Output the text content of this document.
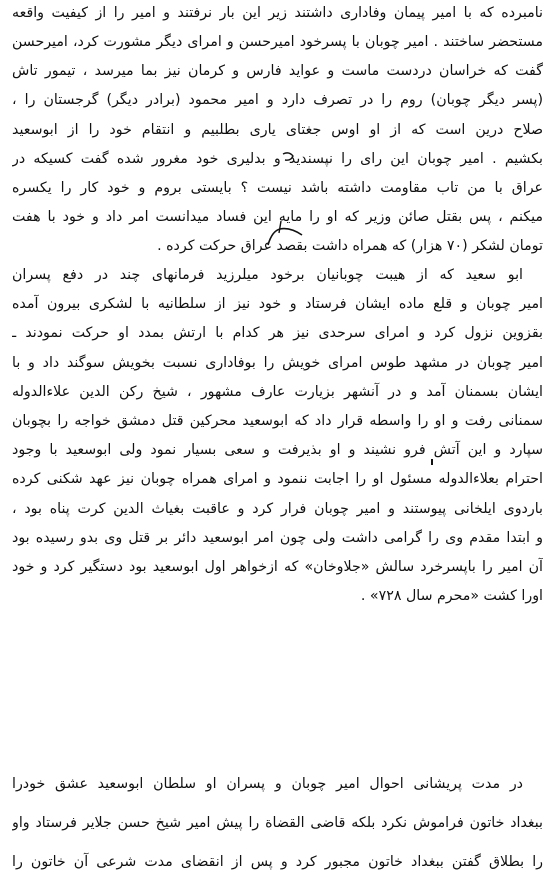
نامبرده که با امیر پیمان وفاداری داشتند زیر این بار نرفتند و امیر را از کیفیت واقعه
مستحضر ساختند . امیر چوبان با پسرخود امیرحسن و امرای دیگر مشورت کرد، امیرحسن
گفت که خراسان دردست ماست و عواید فارس و کرمان نیز بما میرسد ، تیمور تاش
(پسر دیگر چوبان) روم را در تصرف دارد و امیر محمود (برادر دیگر) گرجستان را ،
صلاح درین است که از او اوس جغتای یاری بطلبیم و انتقام خود را از ابوسعید
بکشیم . امیر چوبان این رای را نپسندید و بدلیری خود مغرور شده گفت کسیکه در
عراق با من تاب مقاومت داشته باشد نیست ؟ بایستی بروم و خود کار را یکسره
میکنم ، پس بقتل صائن وزیر که او را مایه این فساد میدانست امر داد و خود با هفت
تومان لشکر (۷۰ هزار) که همراه داشت بقصد عراق حرکت کرده .
ابو سعید که از هیبت چوبانیان برخود میلرزید فرمانهای چند در دفع پسران
امیر چوبان و قلع ماده ایشان فرستاد و خود نیز از سلطانیه با لشکری بیرون آمده
بقزوین نزول کرد و امرای سرحدی نیز هر کدام با ارتش بمدد او حرکت نمودند ـ
امیر چوبان در مشهد طوس امرای خویش را بوفاداری نسبت بخویش سوگند داد و با
ایشان بسمنان آمد و در آنشهر بزیارت عارف مشهور ، شیخ رکن الدین علاءالدوله
سمنانی رفت و او را واسطه قرار داد که ابوسعید محرکین قتل دمشق خواجه را بچوبان
سپارد و این آتش فرو نشیند و او بذیرفت و سعی بسیار نمود ولی ابوسعید با وجود
احترام بعلاءالدوله مسئول او را اجابت ننمود و امرای همراه چوبان نیز عهد شکنی کرده
باردوی ایلخانی پیوستند و امیر چوبان فرار کرد و عاقبت بغیاث الدین کرت پناه بود ،
و ابتدا مقدم وی را گرامی داشت ولی چون امر ابوسعید دائر بر قتل وی بدو رسیده بود
آن امیر را باپسرخرد سالش «جلاوخان» که ازخواهر اول ابوسعید بود دستگیر کرد و خود
اورا کشت «محرم سال ۷۲۸» .
در مدت پریشانی احوال امیر چوبان و پسران او سلطان ابوسعید عشق خودرا
ببغداد خاتون فراموش نکرد بلکه قاضی القضاة را پیش امیر شیخ حسن جلایر فرستاد واو
را بطلاق گفتن ببغداد خاتون مجبور کرد و پس از انقضای مدت شرعی آن خاتون را
